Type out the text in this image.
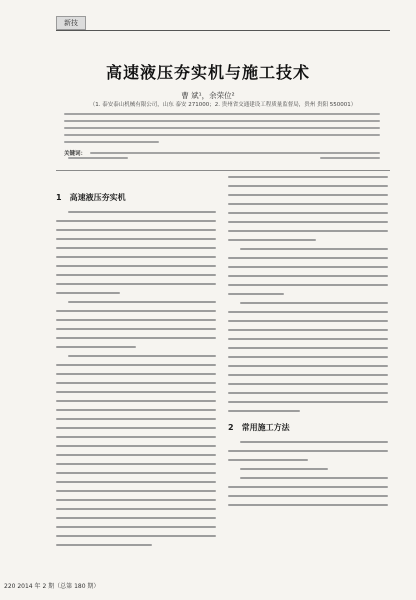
新技
高速液压夯实机与施工技术
曹 斌¹，余荣位²
（1. 泰安泰山机械有限公司，山东 泰安 271000；2. 贵州省交通建设工程质量监督局，贵州 贵阳 550001）
关键词：
1　高速液压夯实机
2　常用施工方法
220 2014 年 2 期（总第 180 期）
